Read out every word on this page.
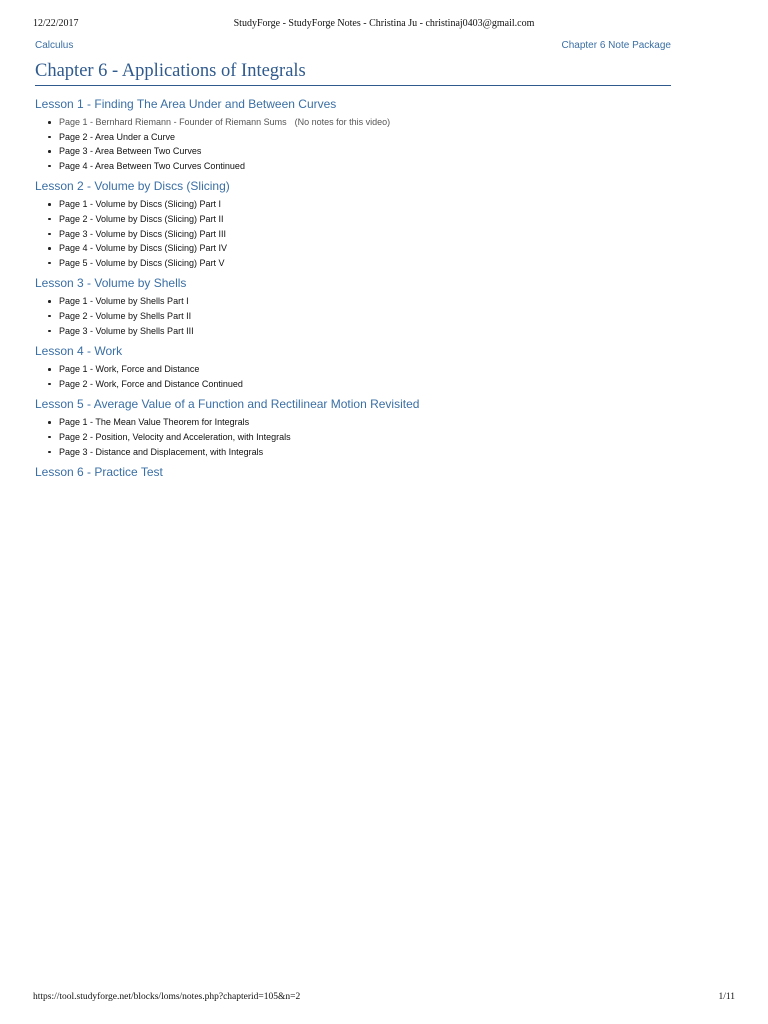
12/22/2017	StudyForge - StudyForge Notes - Christina Ju - christinaj0403@gmail.com
Calculus	Chapter 6 Note Package
Chapter 6 - Applications of Integrals
Lesson 1 - Finding The Area Under and Between Curves
Page 1 - Bernhard Riemann - Founder of Riemann Sums (No notes for this video)
Page 2 - Area Under a Curve
Page 3 - Area Between Two Curves
Page 4 - Area Between Two Curves Continued
Lesson 2 - Volume by Discs (Slicing)
Page 1 - Volume by Discs (Slicing) Part I
Page 2 - Volume by Discs (Slicing) Part II
Page 3 - Volume by Discs (Slicing) Part III
Page 4 - Volume by Discs (Slicing) Part IV
Page 5 - Volume by Discs (Slicing) Part V
Lesson 3 - Volume by Shells
Page 1 - Volume by Shells Part I
Page 2 - Volume by Shells Part II
Page 3 - Volume by Shells Part III
Lesson 4 - Work
Page 1 - Work, Force and Distance
Page 2 - Work, Force and Distance Continued
Lesson 5 - Average Value of a Function and Rectilinear Motion Revisited
Page 1 - The Mean Value Theorem for Integrals
Page 2 - Position, Velocity and Acceleration, with Integrals
Page 3 - Distance and Displacement, with Integrals
Lesson 6 - Practice Test
https://tool.studyforge.net/blocks/loms/notes.php?chapterid=105&n=2	1/11
